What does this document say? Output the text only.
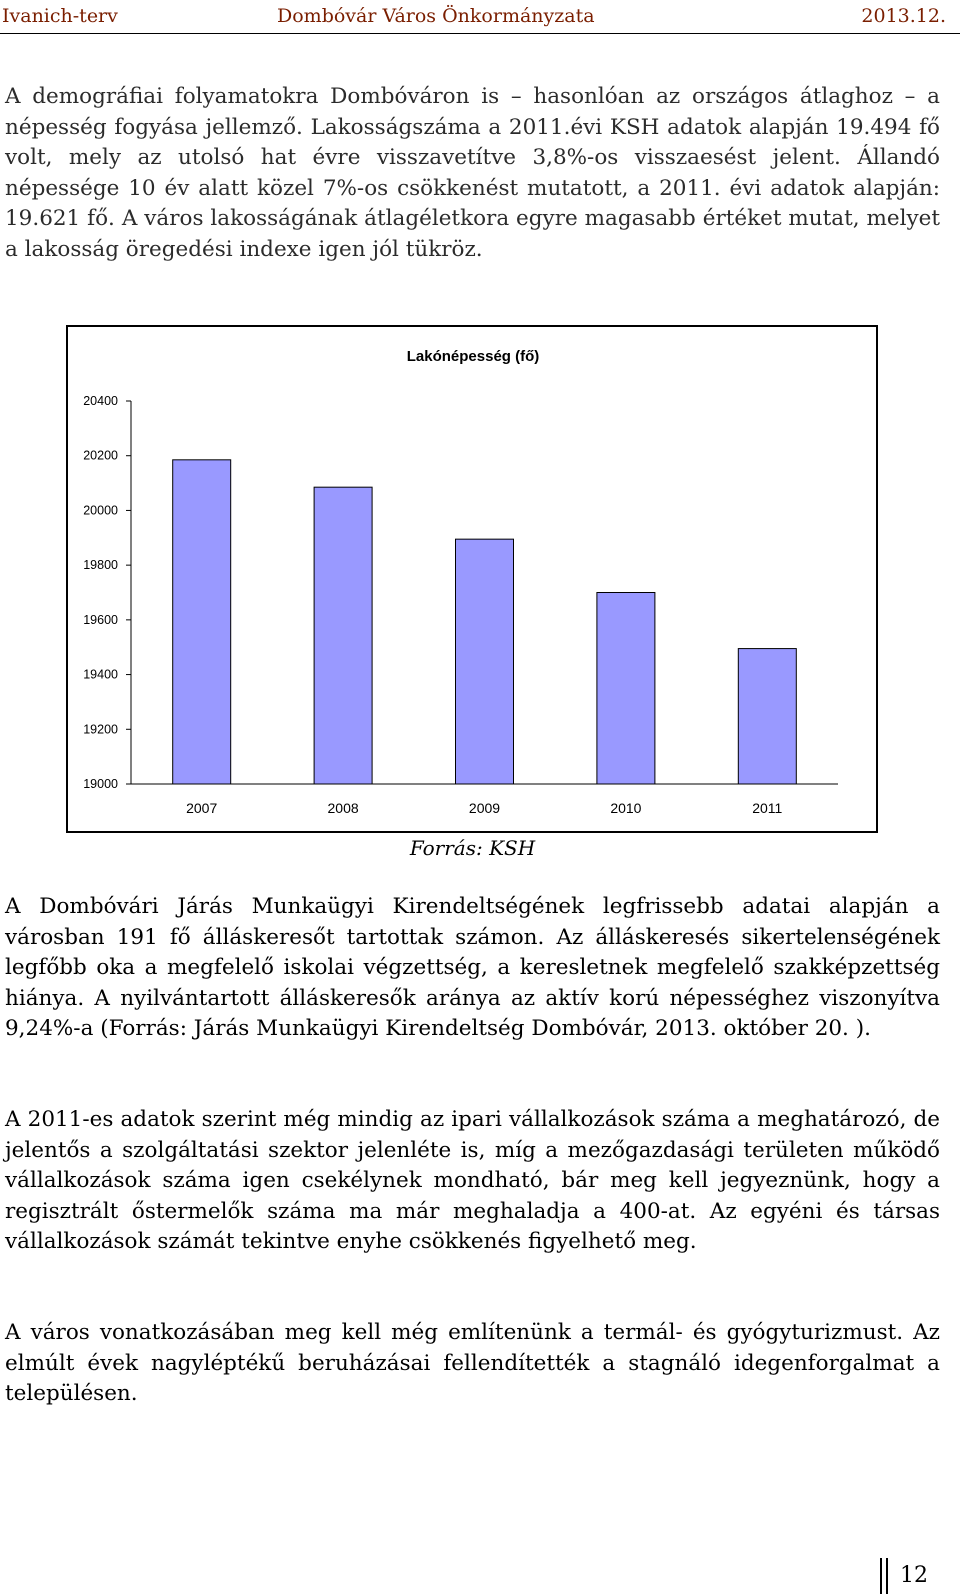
Ivanich-terv	Dombóvár Város Önkormányzata	2013.12.

A demográfiai folyamatokra Dombóváron is – hasonlóan az országos átlaghoz – a népesség fogyása jellemző. Lakosságszáma a 2011.évi KSH adatok alapján 19.494 fő volt, mely az utolsó hat évre visszavetítve 3,8%-os visszaesést jelent. Állandó népessége 10 év alatt közel 7%-os csökkenést mutatott, a 2011. évi adatok alapján: 19.621 fő. A város lakosságának átlagéletkora egyre magasabb értéket mutat, melyet a lakosság öregedési indexe igen jól tükröz.

Lakónépesség (fő)
19000
19200
19400
19600
19800
20000
20200
20400
2007	2008	2009	2010	2011
Forrás: KSH

A Dombóvári Járás Munkaügyi Kirendeltségének legfrissebb adatai alapján a városban 191 fő álláskeresőt tartottak számon. Az álláskeresés sikertelenségének legfőbb oka a megfelelő iskolai végzettség, a keresletnek megfelelő szakképzettség hiánya. A nyilvántartott álláskeresők aránya az aktív korú népességhez viszonyítva 9,24%-a (Forrás: Járás Munkaügyi Kirendeltség Dombóvár, 2013. október 20. ).

A 2011-es adatok szerint még mindig az ipari vállalkozások száma a meghatározó, de jelentős a szolgáltatási szektor jelenléte is, míg a mezőgazdasági területen működő vállalkozások száma igen csekélynek mondható, bár meg kell jegyeznünk, hogy a regisztrált őstermelők száma ma már meghaladja a 400-at. Az egyéni és társas vállalkozások számát tekintve enyhe csökkenés figyelhető meg.

A város vonatkozásában meg kell még említenünk a termál- és gyógyturizmust. Az elmúlt évek nagyléptékű beruházásai fellendítették a stagnáló idegenforgalmat a településen.

12
